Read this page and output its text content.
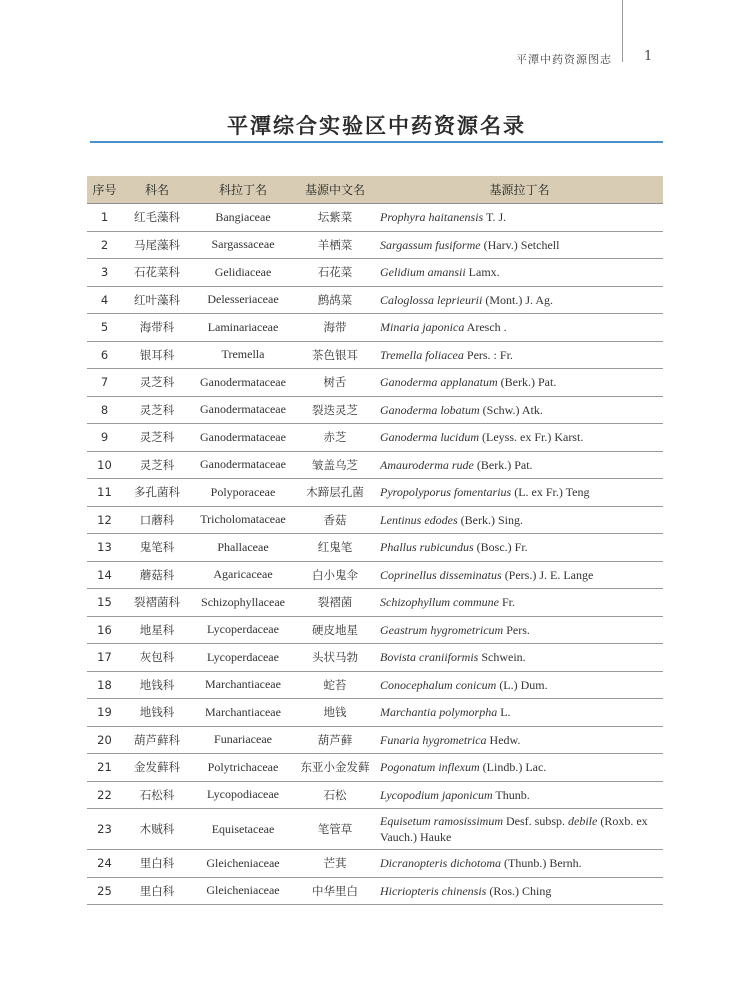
平潭中药资源图志 1
平潭综合实验区中药资源名录
序号	科名	科拉丁名	基源中文名	基源拉丁名
1	红毛藻科	Bangiaceae	坛紫菜	Prophyra haitanensis T. J.
2	马尾藻科	Sargassaceae	羊栖菜	Sargassum fusiforme (Harv.) Setchell
3	石花菜科	Gelidiaceae	石花菜	Gelidium amansii Lamx.
4	红叶藻科	Delesseriaceae	鹧鸪菜	Caloglossa leprieurii (Mont.) J. Ag.
5	海带科	Laminariaceae	海带	Minaria japonica Aresch .
6	银耳科	Tremella	茶色银耳	Tremella foliacea Pers. : Fr.
7	灵芝科	Ganodermataceae	树舌	Ganoderma applanatum (Berk.) Pat.
8	灵芝科	Ganodermataceae	裂迭灵芝	Ganoderma lobatum (Schw.) Atk.
9	灵芝科	Ganodermataceae	赤芝	Ganoderma lucidum (Leyss. ex Fr.) Karst.
10	灵芝科	Ganodermataceae	皱盖乌芝	Amauroderma rude (Berk.) Pat.
11	多孔菌科	Polyporaceae	木蹄层孔菌	Pyropolyporus fomentarius (L. ex Fr.) Teng
12	口蘑科	Tricholomataceae	香菇	Lentinus edodes (Berk.) Sing.
13	鬼笔科	Phallaceae	红鬼笔	Phallus rubicundus (Bosc.) Fr.
14	蘑菇科	Agaricaceae	白小鬼伞	Coprinellus disseminatus (Pers.) J. E. Lange
15	裂褶菌科	Schizophyllaceae	裂褶菌	Schizophyllum commune Fr.
16	地星科	Lycoperdaceae	硬皮地星	Geastrum hygrometricum Pers.
17	灰包科	Lycoperdaceae	头状马勃	Bovista craniiformis Schwein.
18	地钱科	Marchantiaceae	蛇苔	Conocephalum conicum (L.) Dum.
19	地钱科	Marchantiaceae	地钱	Marchantia polymorpha L.
20	葫芦藓科	Funariaceae	葫芦藓	Funaria hygrometrica Hedw.
21	金发藓科	Polytrichaceae	东亚小金发藓	Pogonatum inflexum (Lindb.) Lac.
22	石松科	Lycopodiaceae	石松	Lycopodium japonicum Thunb.
23	木贼科	Equisetaceae	笔管草	Equisetum ramosissimum Desf. subsp. debile (Roxb. ex Vauch.) Hauke
24	里白科	Gleicheniaceae	芒萁	Dicranopteris dichotoma (Thunb.) Bernh.
25	里白科	Gleicheniaceae	中华里白	Hicriopteris chinensis (Ros.) Ching
